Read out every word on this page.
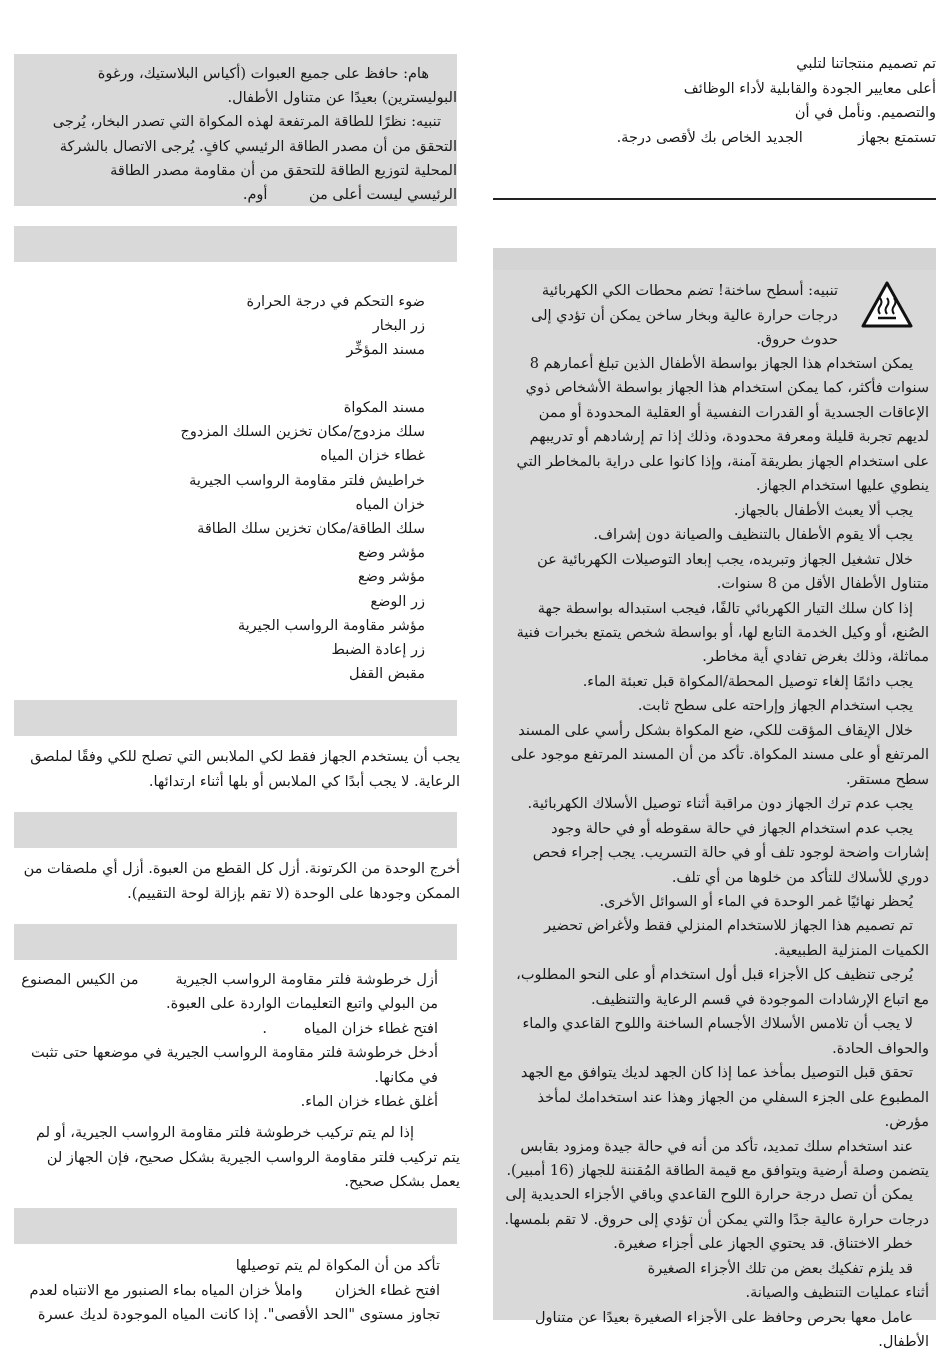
تم تصميم منتجاتنا لتلبي
أعلى معايير الجودة والقابلية لأداء الوظائف
والتصميم. ونأمل في أن
تستمتع بجهاز            الجديد الخاص بك لأقصى درجة.
تنبيه: أسطح ساخنة! تضم محطات الكي الكهربائية
درجات حرارة عالية وبخار ساخن يمكن أن تؤدي إلى
حدوث حروق.
يمكن استخدام هذا الجهاز بواسطة الأطفال الذين تبلغ أعمارهم 8
سنوات فأكثر، كما يمكن استخدام هذا الجهاز بواسطة الأشخاص ذوي
الإعاقات الجسدية أو القدرات النفسية أو العقلية المحدودة أو ممن
لديهم تجربة قليلة ومعرفة محدودة، وذلك إذا تم إرشادهم أو تدريبهم
على استخدام الجهاز بطريقة آمنة، وإذا كانوا على دراية بالمخاطر التي
ينطوي عليها استخدام الجهاز.
يجب ألا يعبث الأطفال بالجهاز.
يجب ألا يقوم الأطفال بالتنظيف والصيانة دون إشراف.
خلال تشغيل الجهاز وتبريده، يجب إبعاد التوصيلات الكهربائية عن
متناول الأطفال الأقل من 8 سنوات.
إذا كان سلك التيار الكهربائي تالفًا، فيجب استبداله بواسطة جهة
الصُنع، أو وكيل الخدمة التابع لها، أو بواسطة شخص يتمتع بخبرات فنية
مماثلة، وذلك بغرض تفادي أية مخاطر.
يجب دائمًا إلغاء توصيل المحطة/المكواة قبل تعبئة الماء.
يجب استخدام الجهاز وإراحته على سطح ثابت.
خلال الإيقاف المؤقت للكي، ضع المكواة بشكل رأسي على المسند
المرتفع أو على مسند المكواة. تأكد من أن المسند المرتفع موجود على
سطح مستقر.
يجب عدم ترك الجهاز دون مراقبة أثناء توصيل الأسلاك الكهربائية.
يجب عدم استخدام الجهاز في حالة سقوطه أو في حالة وجود
إشارات واضحة لوجود تلف أو في حالة التسريب. يجب إجراء فحص
دوري للأسلاك للتأكد من خلوها من أي تلف.
يُحظر نهائيًا غمر الوحدة في الماء أو السوائل الأخرى.
تم تصميم هذا الجهاز للاستخدام المنزلي فقط ولأغراض تحضير
الكميات المنزلية الطبيعية.
يُرجى تنظيف كل الأجزاء قبل أول استخدام أو على النحو المطلوب،
مع اتباع الإرشادات الموجودة في قسم الرعاية والتنظيف.
لا يجب أن تلامس الأسلاك الأجسام الساخنة واللوح القاعدي والماء
والحواف الحادة.
تحقق قبل التوصيل بمأخذ عما إذا كان الجهد لديك يتوافق مع الجهد
المطبوع على الجزء السفلي من الجهاز وهذا عند استخدامك لمأخذ
مؤرض.
عند استخدام سلك تمديد، تأكد من أنه في حالة جيدة ومزود بقابس
يتضمن وصلة أرضية ويتوافق مع قيمة الطاقة المُقننة للجهاز (16 أمبير).
يمكن أن تصل درجة حرارة اللوح القاعدي وباقي الأجزاء الحديدية إلى
درجات حرارة عالية جدًا والتي يمكن أن تؤدي إلى حروق. لا تقم بلمسها.
خطر الاختناق. قد يحتوي الجهاز على أجزاء صغيرة.
قد يلزم تفكيك بعض من تلك الأجزاء الصغيرة
أثناء عمليات التنظيف والصيانة.
عامل معها بحرص وحافظ على الأجزاء الصغيرة بعيدًا عن متناول
الأطفال.
هام: حافظ على جميع العبوات (أكياس البلاستيك، ورغوة
البوليسترين) بعيدًا عن متناول الأطفال.
تنبيه: نظرًا للطاقة المرتفعة لهذه المكواة التي تصدر البخار، يُرجى
التحقق من أن مصدر الطاقة الرئيسي كافٍ. يُرجى الاتصال بالشركة
المحلية لتوزيع الطاقة للتحقق من أن مقاومة مصدر الطاقة
الرئيسي ليست أعلى من         أوم.
ضوء التحكم في درجة الحرارة
زر البخار
مسند المؤخِّر
مسند المكواة
سلك مزدوج/مكان تخزين السلك المزدوج
غطاء خزان المياه
خراطيش فلتر مقاومة الرواسب الجيرية
خزان المياه
سلك الطاقة/مكان تخزين سلك الطاقة
مؤشر وضع
مؤشر وضع
زر الوضع
مؤشر مقاومة الرواسب الجيرية
زر إعادة الضبط
مقبض القفل
يجب أن يستخدم الجهاز فقط لكي الملابس التي تصلح للكي وفقًا لملصق
الرعاية. لا يجب أبدًا كي الملابس أو بلها أثناء ارتدائها.
أخرج الوحدة من الكرتونة. أزل كل القطع من العبوة. أزل أي ملصقات من
الممكن وجودها على الوحدة (لا تقم بإزالة لوحة التقييم).
أزل خرطوشة فلتر مقاومة الرواسب الجيرية        من الكيس المصنوع
من البولي واتبع التعليمات الواردة على العبوة.
افتح غطاء خزان المياه        .
أدخل خرطوشة فلتر مقاومة الرواسب الجيرية في موضعها حتى تثبت
في مكانها.
أغلق غطاء خزان الماء.
إذا لم يتم تركيب خرطوشة فلتر مقاومة الرواسب الجيرية، أو لم
يتم تركيب فلتر مقاومة الرواسب الجيرية بشكل صحيح، فإن الجهاز لن
يعمل بشكل صحيح.
تأكد من أن المكواة لم يتم توصيلها
افتح غطاء الخزان       واملأ خزان المياه بماء الصنبور مع الانتباه لعدم
تجاوز مستوى "الحد الأقصى". إذا كانت المياه الموجودة لديك عسرة
